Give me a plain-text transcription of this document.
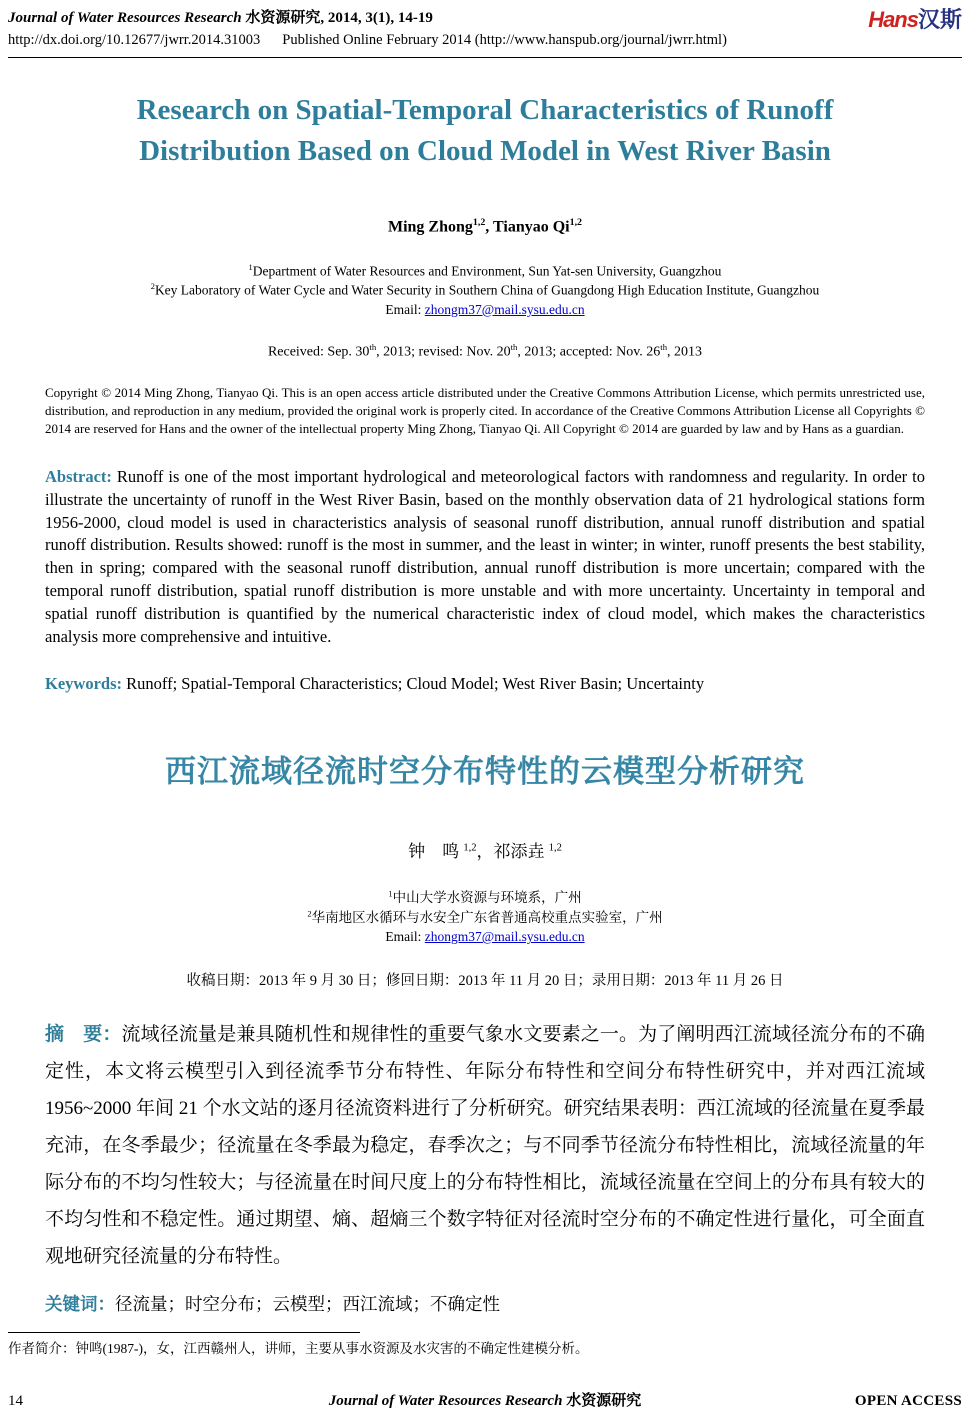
Journal of Water Resources Research 水资源研究, 2014, 3(1), 14-19
http://dx.doi.org/10.12677/jwrr.2014.31003 Published Online February 2014 (http://www.hanspub.org/journal/jwrr.html)
Hans汉斯
Research on Spatial-Temporal Characteristics of Runoff
Distribution Based on Cloud Model in West River Basin
Ming Zhong$^{1,2}$, Tianyao Qi$^{1,2}$
$^1$Department of Water Resources and Environment, Sun Yat-sen University, Guangzhou
$^2$Key Laboratory of Water Cycle and Water Security in Southern China of Guangdong High Education Institute, Guangzhou
Email: zhongm37@mail.sysu.edu.cn
Received: Sep. 30th, 2013; revised: Nov. 20th, 2013; accepted: Nov. 26th, 2013
Copyright © 2014 Ming Zhong, Tianyao Qi. This is an open access article distributed under the Creative Commons Attribution License, which permits unrestricted use, distribution, and reproduction in any medium, provided the original work is properly cited. In accordance of the Creative Commons Attribution License all Copyrights © 2014 are reserved for Hans and the owner of the intellectual property Ming Zhong, Tianyao Qi. All Copyright © 2014 are guarded by law and by Hans as a guardian.
Abstract: Runoff is one of the most important hydrological and meteorological factors with randomness and regularity. In order to illustrate the uncertainty of runoff in the West River Basin, based on the monthly observation data of 21 hydrological stations form 1956-2000, cloud model is used in characteristics analysis of seasonal runoff distribution, annual runoff distribution and spatial runoff distribution. Results showed: runoff is the most in summer, and the least in winter; in winter, runoff presents the best stability, then in spring; compared with the seasonal runoff distribution, annual runoff distribution is more uncertain; compared with the temporal runoff distribution, spatial runoff distribution is more unstable and with more uncertainty. Uncertainty in temporal and spatial runoff distribution is quantified by the numerical characteristic index of cloud model, which makes the characteristics analysis more comprehensive and intuitive.
Keywords: Runoff; Spatial-Temporal Characteristics; Cloud Model; West River Basin; Uncertainty
西江流域径流时空分布特性的云模型分析研究
钟　鸣 $^{1,2}$，祁添垚 $^{1,2}$
$^1$中山大学水资源与环境系，广州
$^2$华南地区水循环与水安全广东省普通高校重点实验室，广州
Email: zhongm37@mail.sysu.edu.cn
收稿日期：2013 年 9 月 30 日；修回日期：2013 年 11 月 20 日；录用日期：2013 年 11 月 26 日
摘　要：流域径流量是兼具随机性和规律性的重要气象水文要素之一。为了阐明西江流域径流分布的不确定性，本文将云模型引入到径流季节分布特性、年际分布特性和空间分布特性研究中，并对西江流域 1956~2000 年间 21 个水文站的逐月径流资料进行了分析研究。研究结果表明：西江流域的径流量在夏季最充沛，在冬季最少；径流量在冬季最为稳定，春季次之；与不同季节径流分布特性相比，流域径流量的年际分布的不均匀性较大；与径流量在时间尺度上的分布特性相比，流域径流量在空间上的分布具有较大的不均匀性和不稳定性。通过期望、熵、超熵三个数字特征对径流时空分布的不确定性进行量化，可全面直观地研究径流量的分布特性。
关键词：径流量；时空分布；云模型；西江流域；不确定性
作者简介：钟鸣(1987-)，女，江西赣州人，讲师，主要从事水资源及水灾害的不确定性建模分析。
14	Journal of Water Resources Research 水资源研究	OPEN ACCESS
